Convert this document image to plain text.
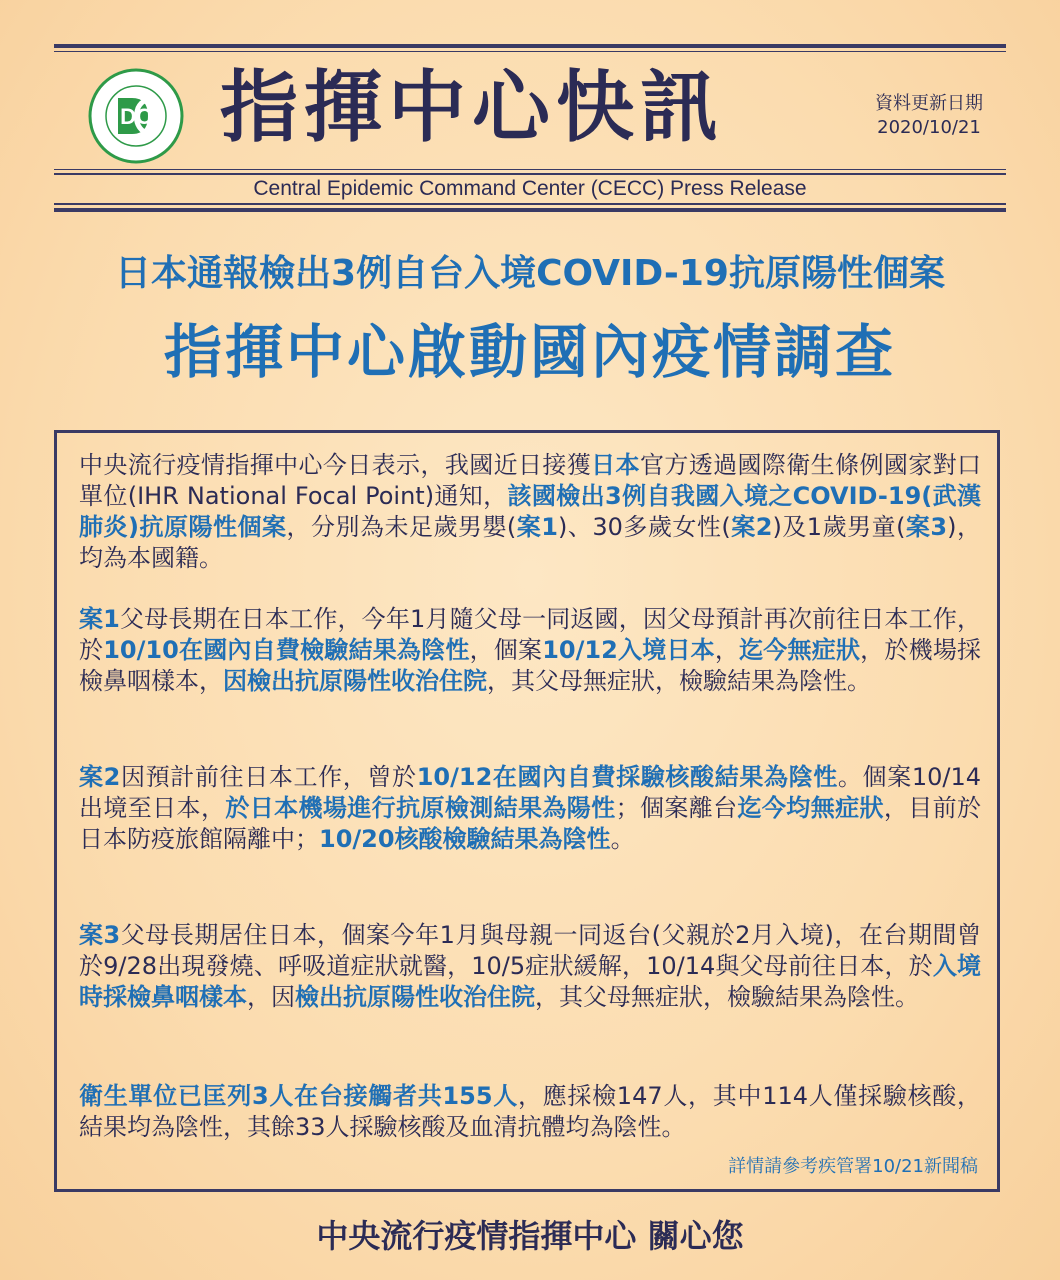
DC 指揮中心快訊	資料更新日期
2020/10/21
Central Epidemic Command Center (CECC) Press Release
日本通報檢出3例自台入境COVID-19抗原陽性個案
指揮中心啟動國內疫情調查

中央流行疫情指揮中心今日表示，我國近日接獲日本官方透過國際衛生條例國家對口單位(IHR National Focal Point)通知，該國檢出3例自我國入境之COVID-19(武漢肺炎)抗原陽性個案，分別為未足歲男嬰(案1)、30多歲女性(案2)及1歲男童(案3)，均為本國籍。

案1父母長期在日本工作，今年1月隨父母一同返國，因父母預計再次前往日本工作，於10/10在國內自費檢驗結果為陰性，個案10/12入境日本，迄今無症狀，於機場採檢鼻咽樣本，因檢出抗原陽性收治住院，其父母無症狀，檢驗結果為陰性。

案2因預計前往日本工作，曾於10/12在國內自費採驗核酸結果為陰性。個案10/14出境至日本，於日本機場進行抗原檢測結果為陽性；個案離台迄今均無症狀，目前於日本防疫旅館隔離中；10/20核酸檢驗結果為陰性。

案3父母長期居住日本，個案今年1月與母親一同返台(父親於2月入境)，在台期間曾於9/28出現發燒、呼吸道症狀就醫，10/5症狀緩解，10/14與父母前往日本，於入境時採檢鼻咽樣本，因檢出抗原陽性收治住院，其父母無症狀，檢驗結果為陰性。

衛生單位已匡列3人在台接觸者共155人，應採檢147人，其中114人僅採驗核酸，結果均為陰性，其餘33人採驗核酸及血清抗體均為陰性。

詳情請參考疾管署10/21新聞稿
中央流行疫情指揮中心 關心您
